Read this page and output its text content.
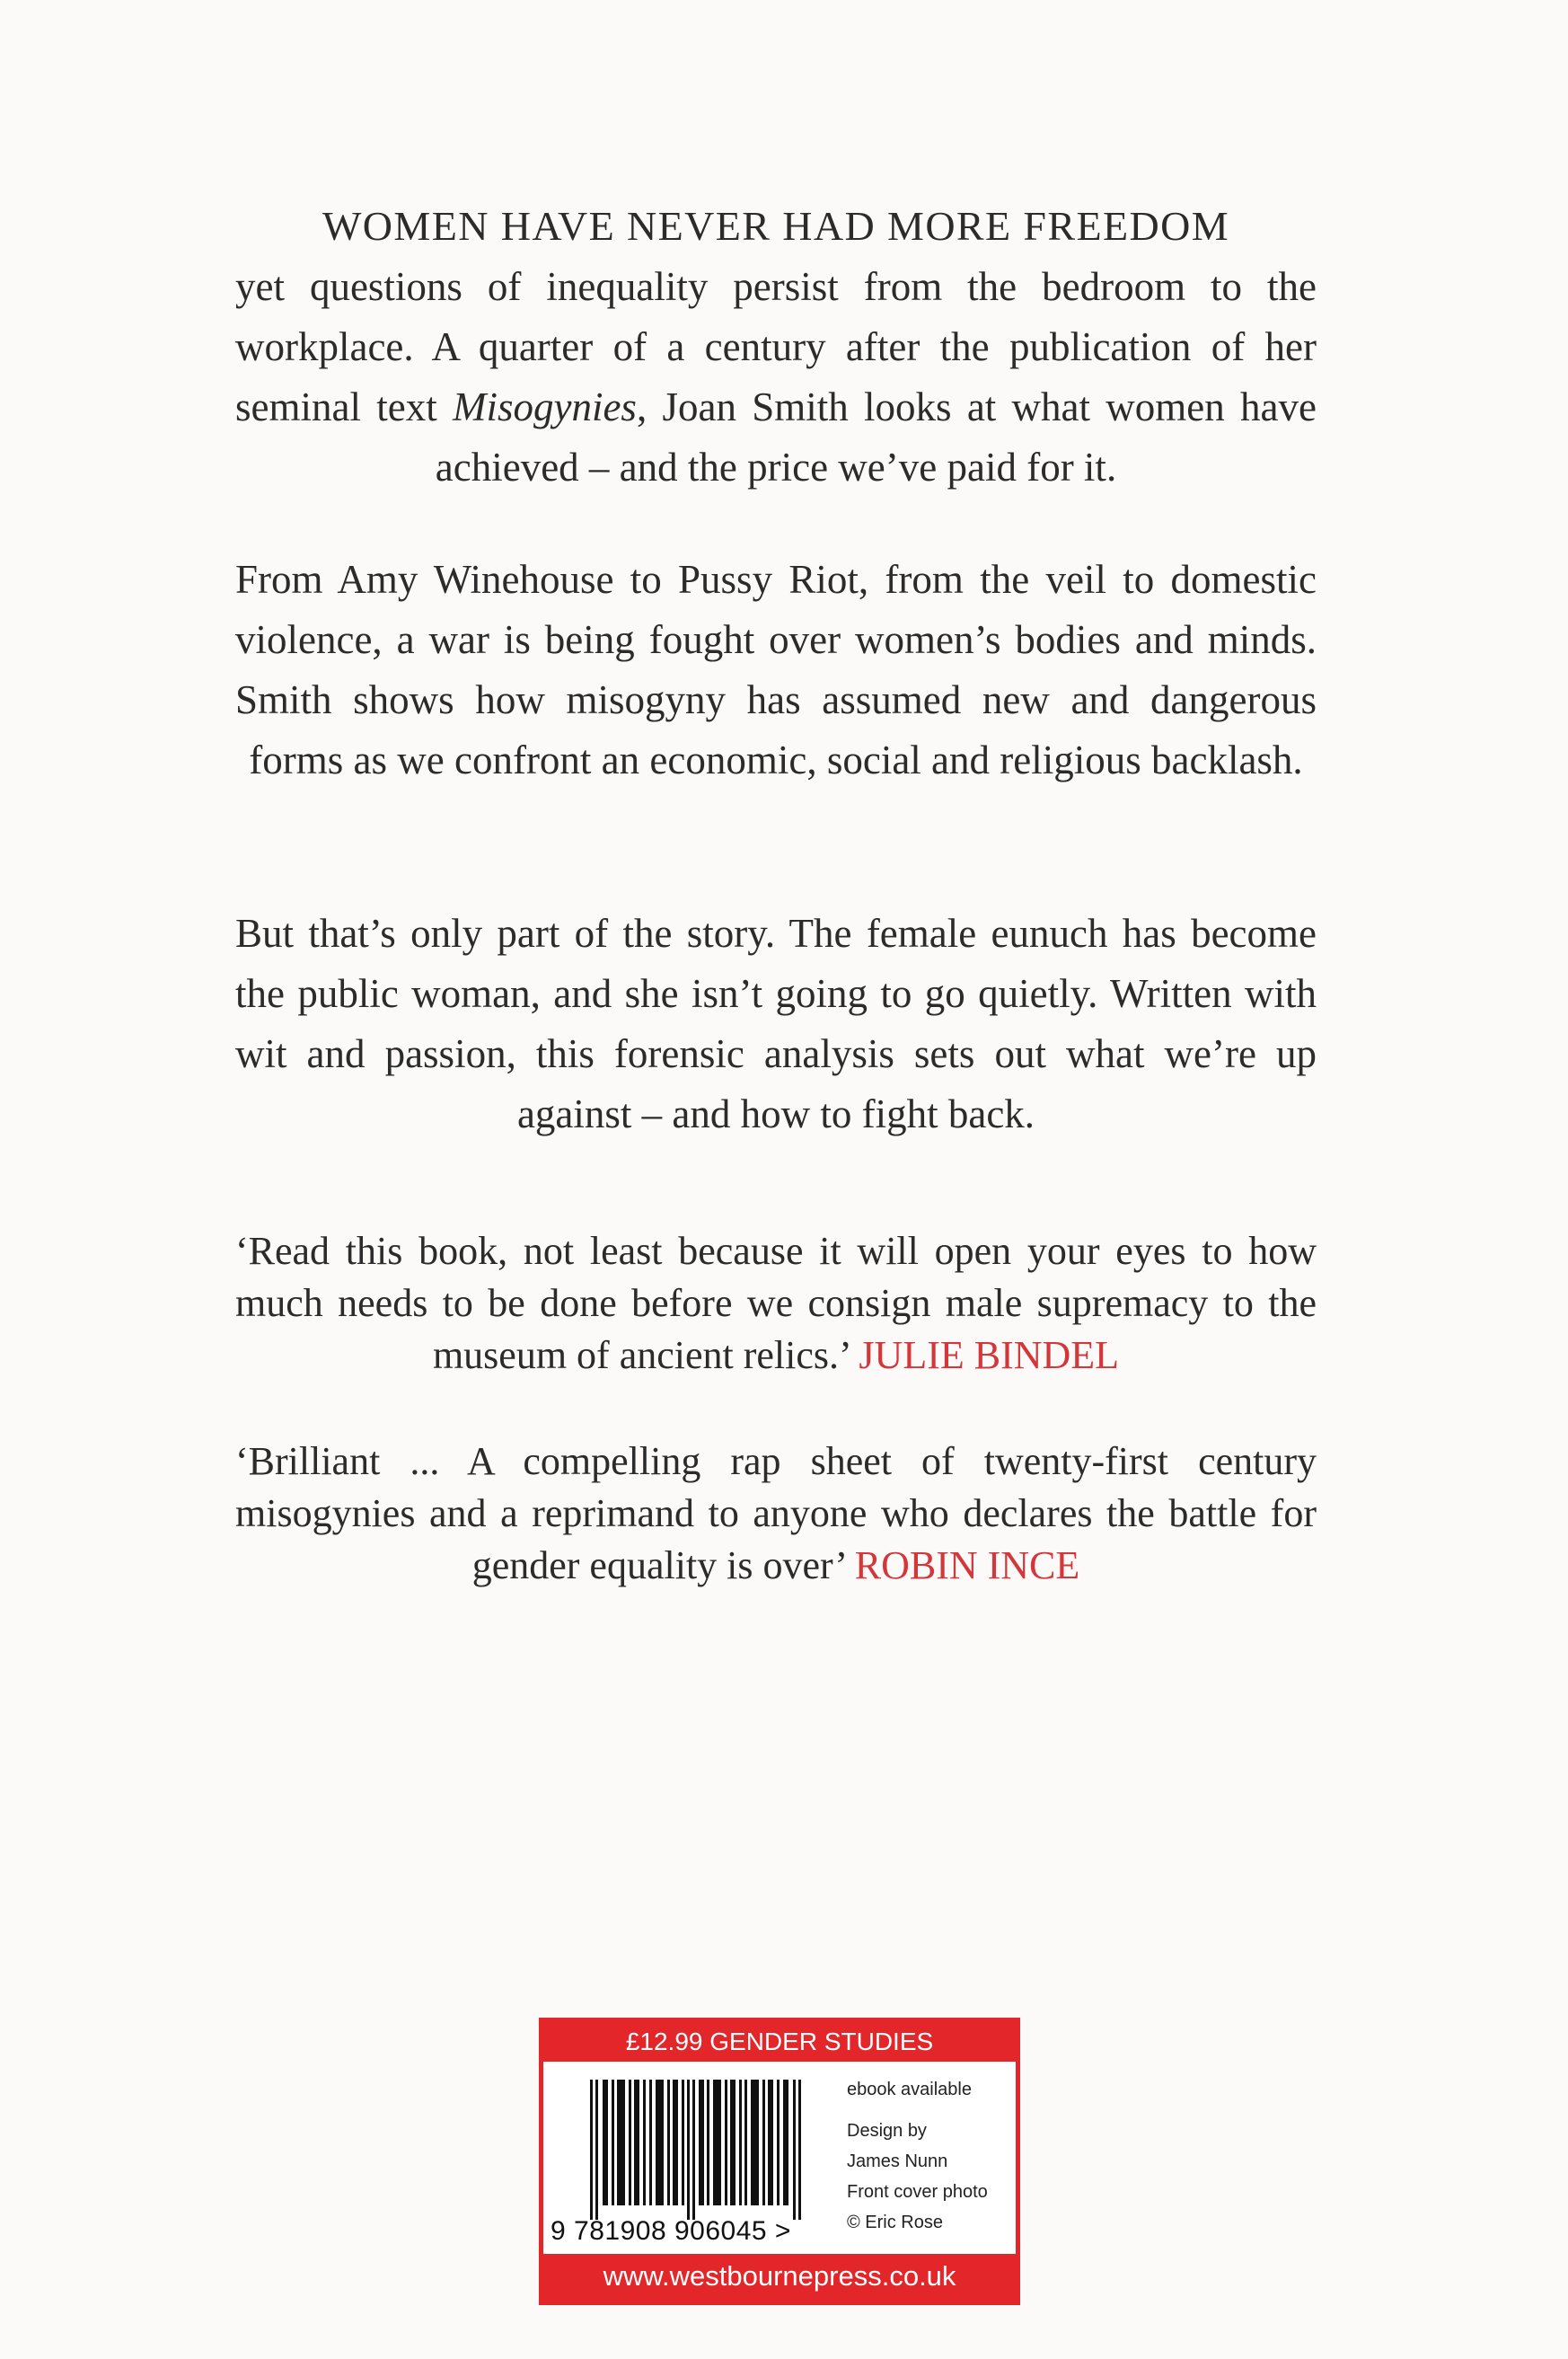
WOMEN HAVE NEVER HAD MORE FREEDOM

yet questions of inequality persist from the bedroom to the workplace. A quarter of a century after the publication of her seminal text Misogynies, Joan Smith looks at what women have achieved – and the price we’ve paid for it.

From Amy Winehouse to Pussy Riot, from the veil to domestic violence, a war is being fought over women’s bodies and minds. Smith shows how misogyny has assumed new and dangerous forms as we confront an economic, social and religious backlash.

But that’s only part of the story. The female eunuch has become the public woman, and she isn’t going to go quietly. Written with wit and passion, this forensic analysis sets out what we’re up against – and how to fight back.

‘Read this book, not least because it will open your eyes to how much needs to be done before we consign male supremacy to the museum of ancient relics.’ JULIE BINDEL
‘Brilliant ... A compelling rap sheet of twenty-first century misogynies and a reprimand to anyone who declares the battle for gender equality is over’ ROBIN INCE
£12.99 GENDER STUDIES
9 781908 906045 >
ebook available
Design by
James Nunn
Front cover photo
© Eric Rose
www.westbournepress.co.uk
